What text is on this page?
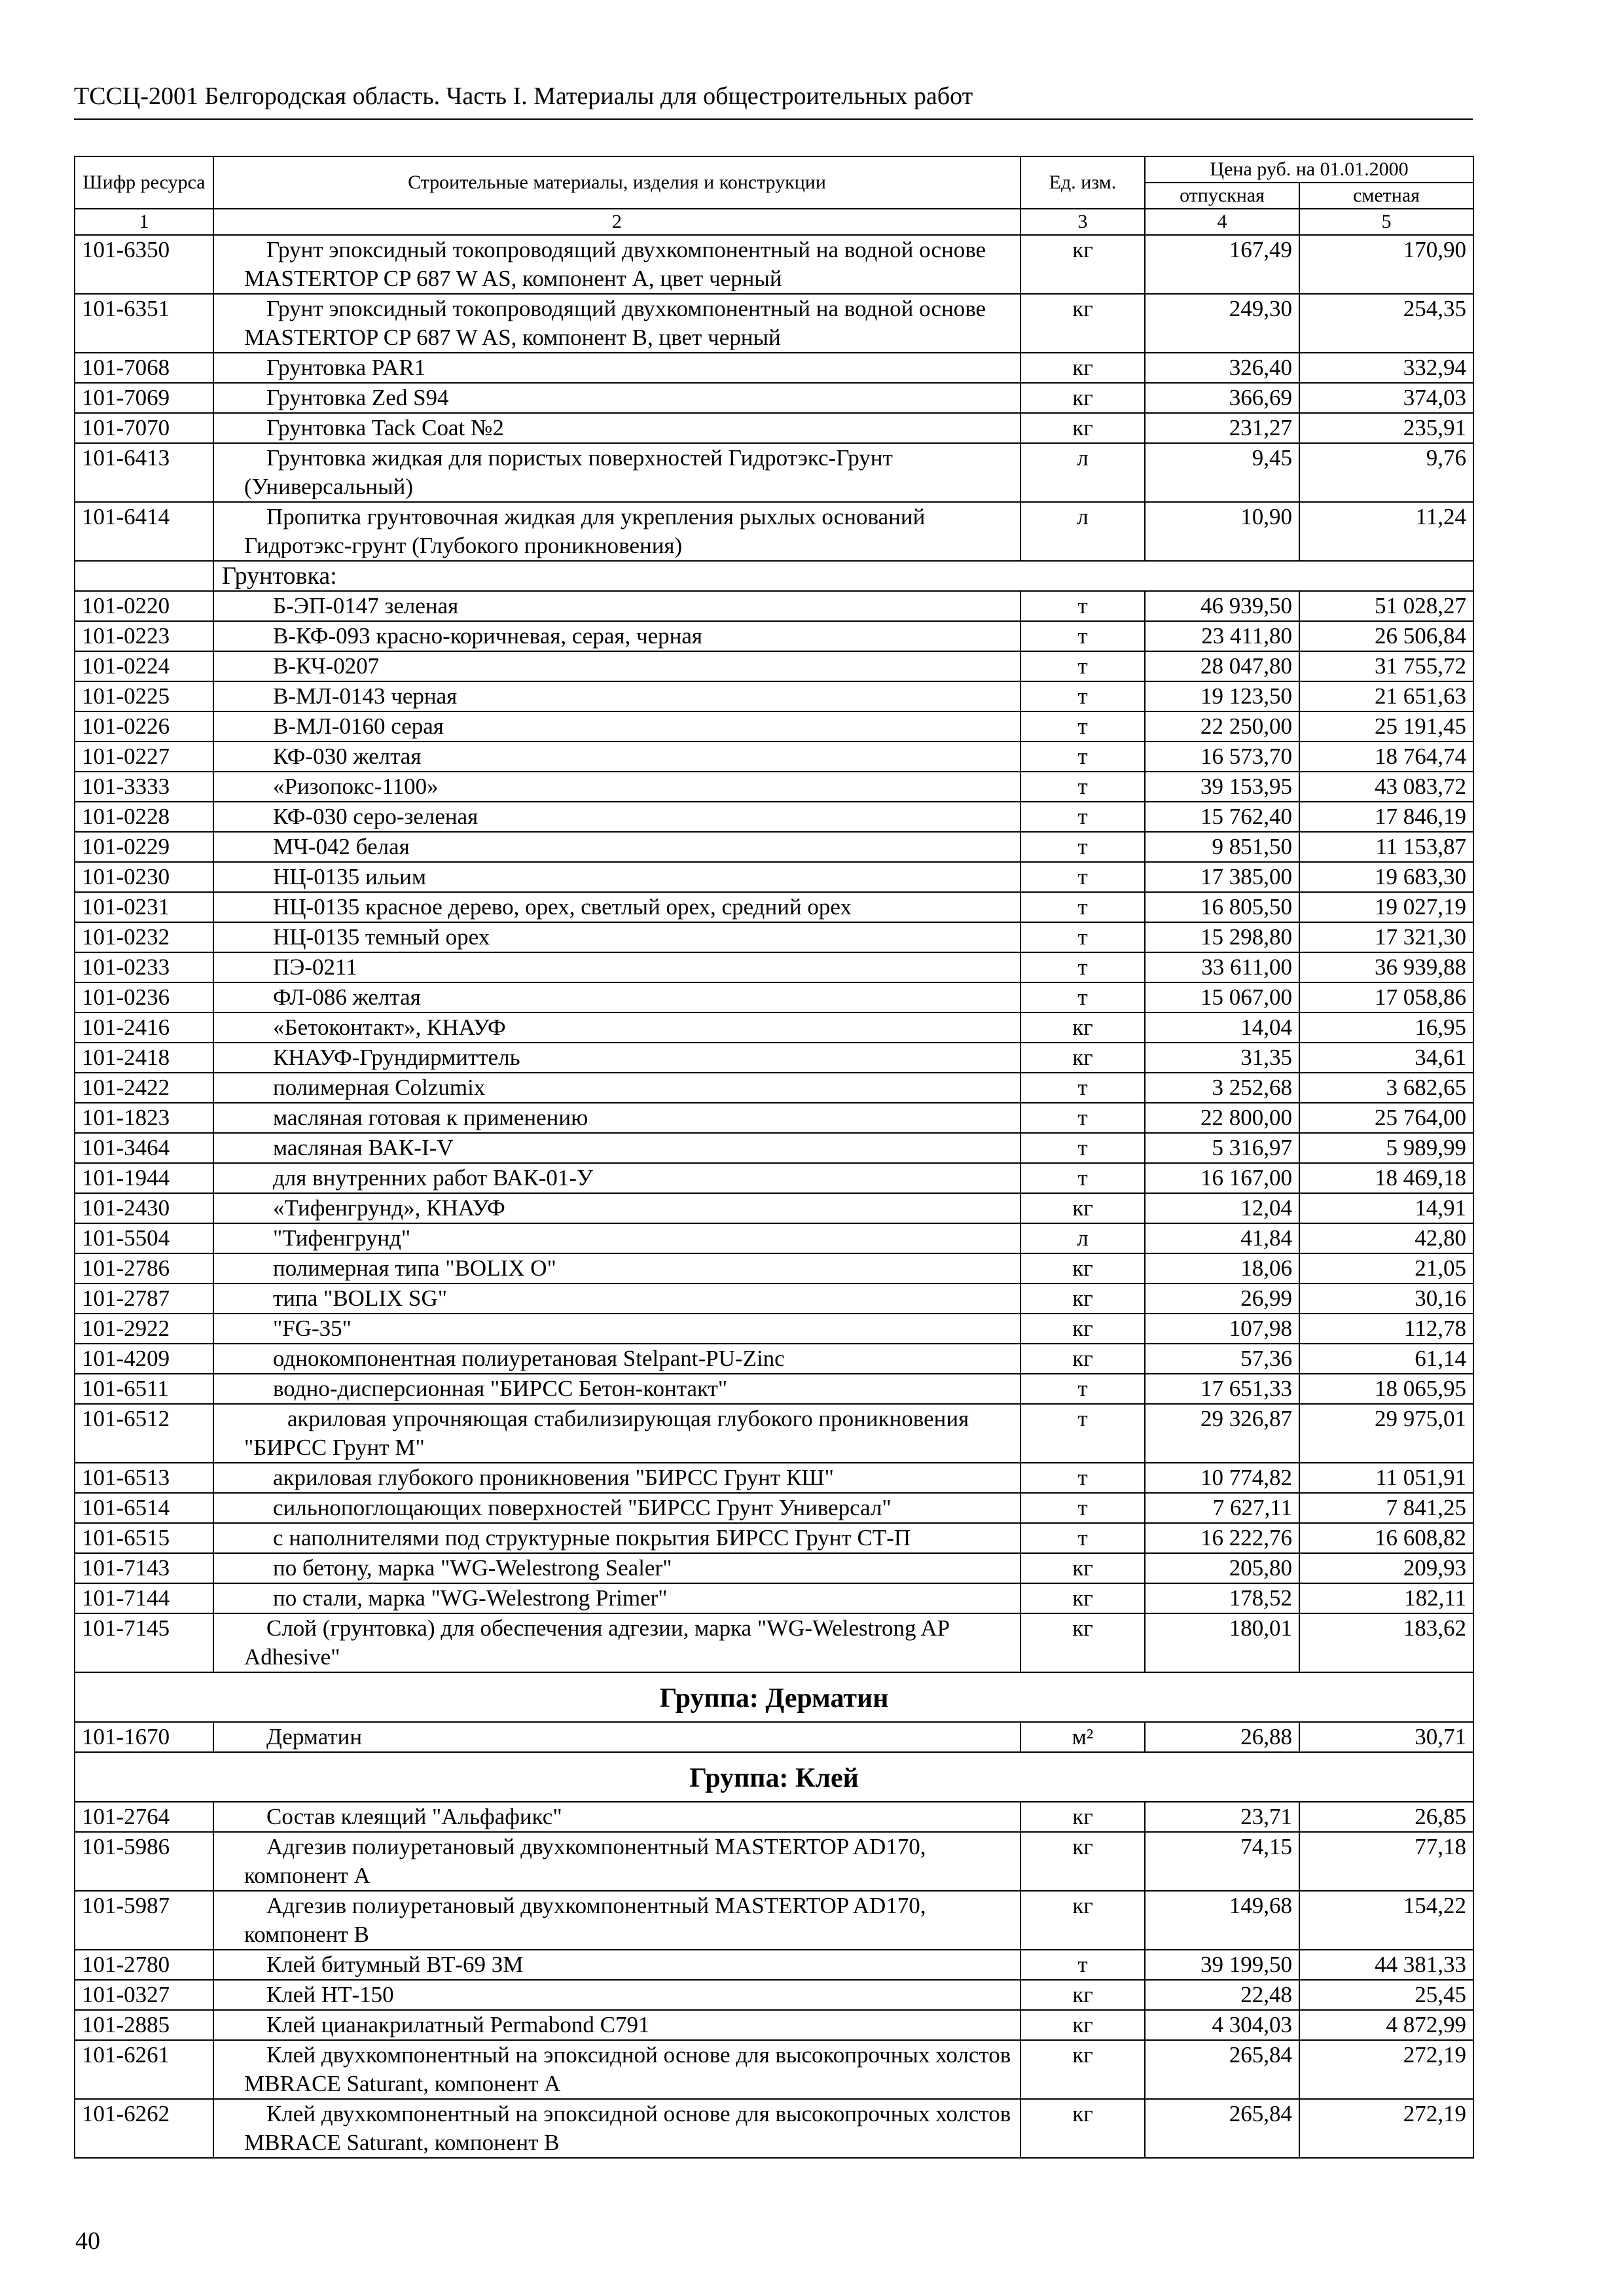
ТССЦ-2001 Белгородская область. Часть I. Материалы для общестроительных работ
Шифр ресурса	Строительные материалы, изделия и конструкции	Ед. изм.	Цена руб. на 01.01.2000	
			отпускная	сметная
1	2	3	4	5
101-6350	Грунт эпоксидный токопроводящий двухкомпонентный на водной основе MASTERTOP CP 687 W AS, компонент А, цвет черный	кг	167,49	170,90
101-6351	Грунт эпоксидный токопроводящий двухкомпонентный на водной основе MASTERTOP CP 687 W AS, компонент В, цвет черный	кг	249,30	254,35
101-7068	Грунтовка PAR1	кг	326,40	332,94
101-7069	Грунтовка Zed S94	кг	366,69	374,03
101-7070	Грунтовка Tack Coat №2	кг	231,27	235,91
101-6413	Грунтовка жидкая для пористых поверхностей Гидротэкс-Грунт (Универсальный)	л	9,45	9,76
101-6414	Пропитка грунтовочная жидкая для укрепления рыхлых оснований Гидротэкс-грунт (Глубокого проникновения)	л	10,90	11,24
	Грунтовка:			
101-0220	Б-ЭП-0147 зеленая	т	46 939,50	51 028,27
101-0223	В-КФ-093 красно-коричневая, серая, черная	т	23 411,80	26 506,84
101-0224	В-КЧ-0207	т	28 047,80	31 755,72
101-0225	В-МЛ-0143 черная	т	19 123,50	21 651,63
101-0226	В-МЛ-0160 серая	т	22 250,00	25 191,45
101-0227	КФ-030 желтая	т	16 573,70	18 764,74
101-3333	«Ризопокс-1100»	т	39 153,95	43 083,72
101-0228	КФ-030 серо-зеленая	т	15 762,40	17 846,19
101-0229	МЧ-042 белая	т	9 851,50	11 153,87
101-0230	НЦ-0135 ильим	т	17 385,00	19 683,30
101-0231	НЦ-0135 красное дерево, орех, светлый орех, средний орех	т	16 805,50	19 027,19
101-0232	НЦ-0135 темный орех	т	15 298,80	17 321,30
101-0233	ПЭ-0211	т	33 611,00	36 939,88
101-0236	ФЛ-086 желтая	т	15 067,00	17 058,86
101-2416	«Бетоконтакт», КНАУФ	кг	14,04	16,95
101-2418	КНАУФ-Грундирмиттель	кг	31,35	34,61
101-2422	полимерная Colzumix	т	3 252,68	3 682,65
101-1823	масляная готовая к применению	т	22 800,00	25 764,00
101-3464	масляная ВАК-I-V	т	5 316,97	5 989,99
101-1944	для внутренних работ ВАК-01-У	т	16 167,00	18 469,18
101-2430	«Тифенгрунд», КНАУФ	кг	12,04	14,91
101-5504	"Тифенгрунд"	л	41,84	42,80
101-2786	полимерная типа "BOLIX O"	кг	18,06	21,05
101-2787	типа "BOLIX SG"	кг	26,99	30,16
101-2922	"FG-35"	кг	107,98	112,78
101-4209	однокомпонентная полиуретановая Stelpant-PU-Zinc	кг	57,36	61,14
101-6511	водно-дисперсионная "БИРСС Бетон-контакт"	т	17 651,33	18 065,95
101-6512	акриловая упрочняющая стабилизирующая глубокого проникновения "БИРСС Грунт М"	т	29 326,87	29 975,01
101-6513	акриловая глубокого проникновения "БИРСС Грунт КШ"	т	10 774,82	11 051,91
101-6514	сильнопоглощающих поверхностей "БИРСС Грунт Универсал"	т	7 627,11	7 841,25
101-6515	с наполнителями под структурные покрытия БИРСС Грунт СТ-П	т	16 222,76	16 608,82
101-7143	по бетону, марка "WG-Welestrong Sealer"	кг	205,80	209,93
101-7144	по стали, марка "WG-Welestrong Primer"	кг	178,52	182,11
101-7145	Слой (грунтовка) для обеспечения адгезии, марка "WG-Welestrong AP Adhesive"	кг	180,01	183,62
Группа: Дерматин				
101-1670	Дерматин	м²	26,88	30,71
Группа: Клей				
101-2764	Состав клеящий "Альфафикс"	кг	23,71	26,85
101-5986	Адгезив полиуретановый двухкомпонентный MASTERTOP AD170, компонент А	кг	74,15	77,18
101-5987	Адгезив полиуретановый двухкомпонентный MASTERTOP AD170, компонент В	кг	149,68	154,22
101-2780	Клей битумный ВТ-69 ЗМ	т	39 199,50	44 381,33
101-0327	Клей НТ-150	кг	22,48	25,45
101-2885	Клей цианакрилатный Permabond С791	кг	4 304,03	4 872,99
101-6261	Клей двухкомпонентный на эпоксидной основе для высокопрочных холстов MBRACE Saturant, компонент А	кг	265,84	272,19
101-6262	Клей двухкомпонентный на эпоксидной основе для высокопрочных холстов MBRACE Saturant, компонент В	кг	265,84	272,19
40
